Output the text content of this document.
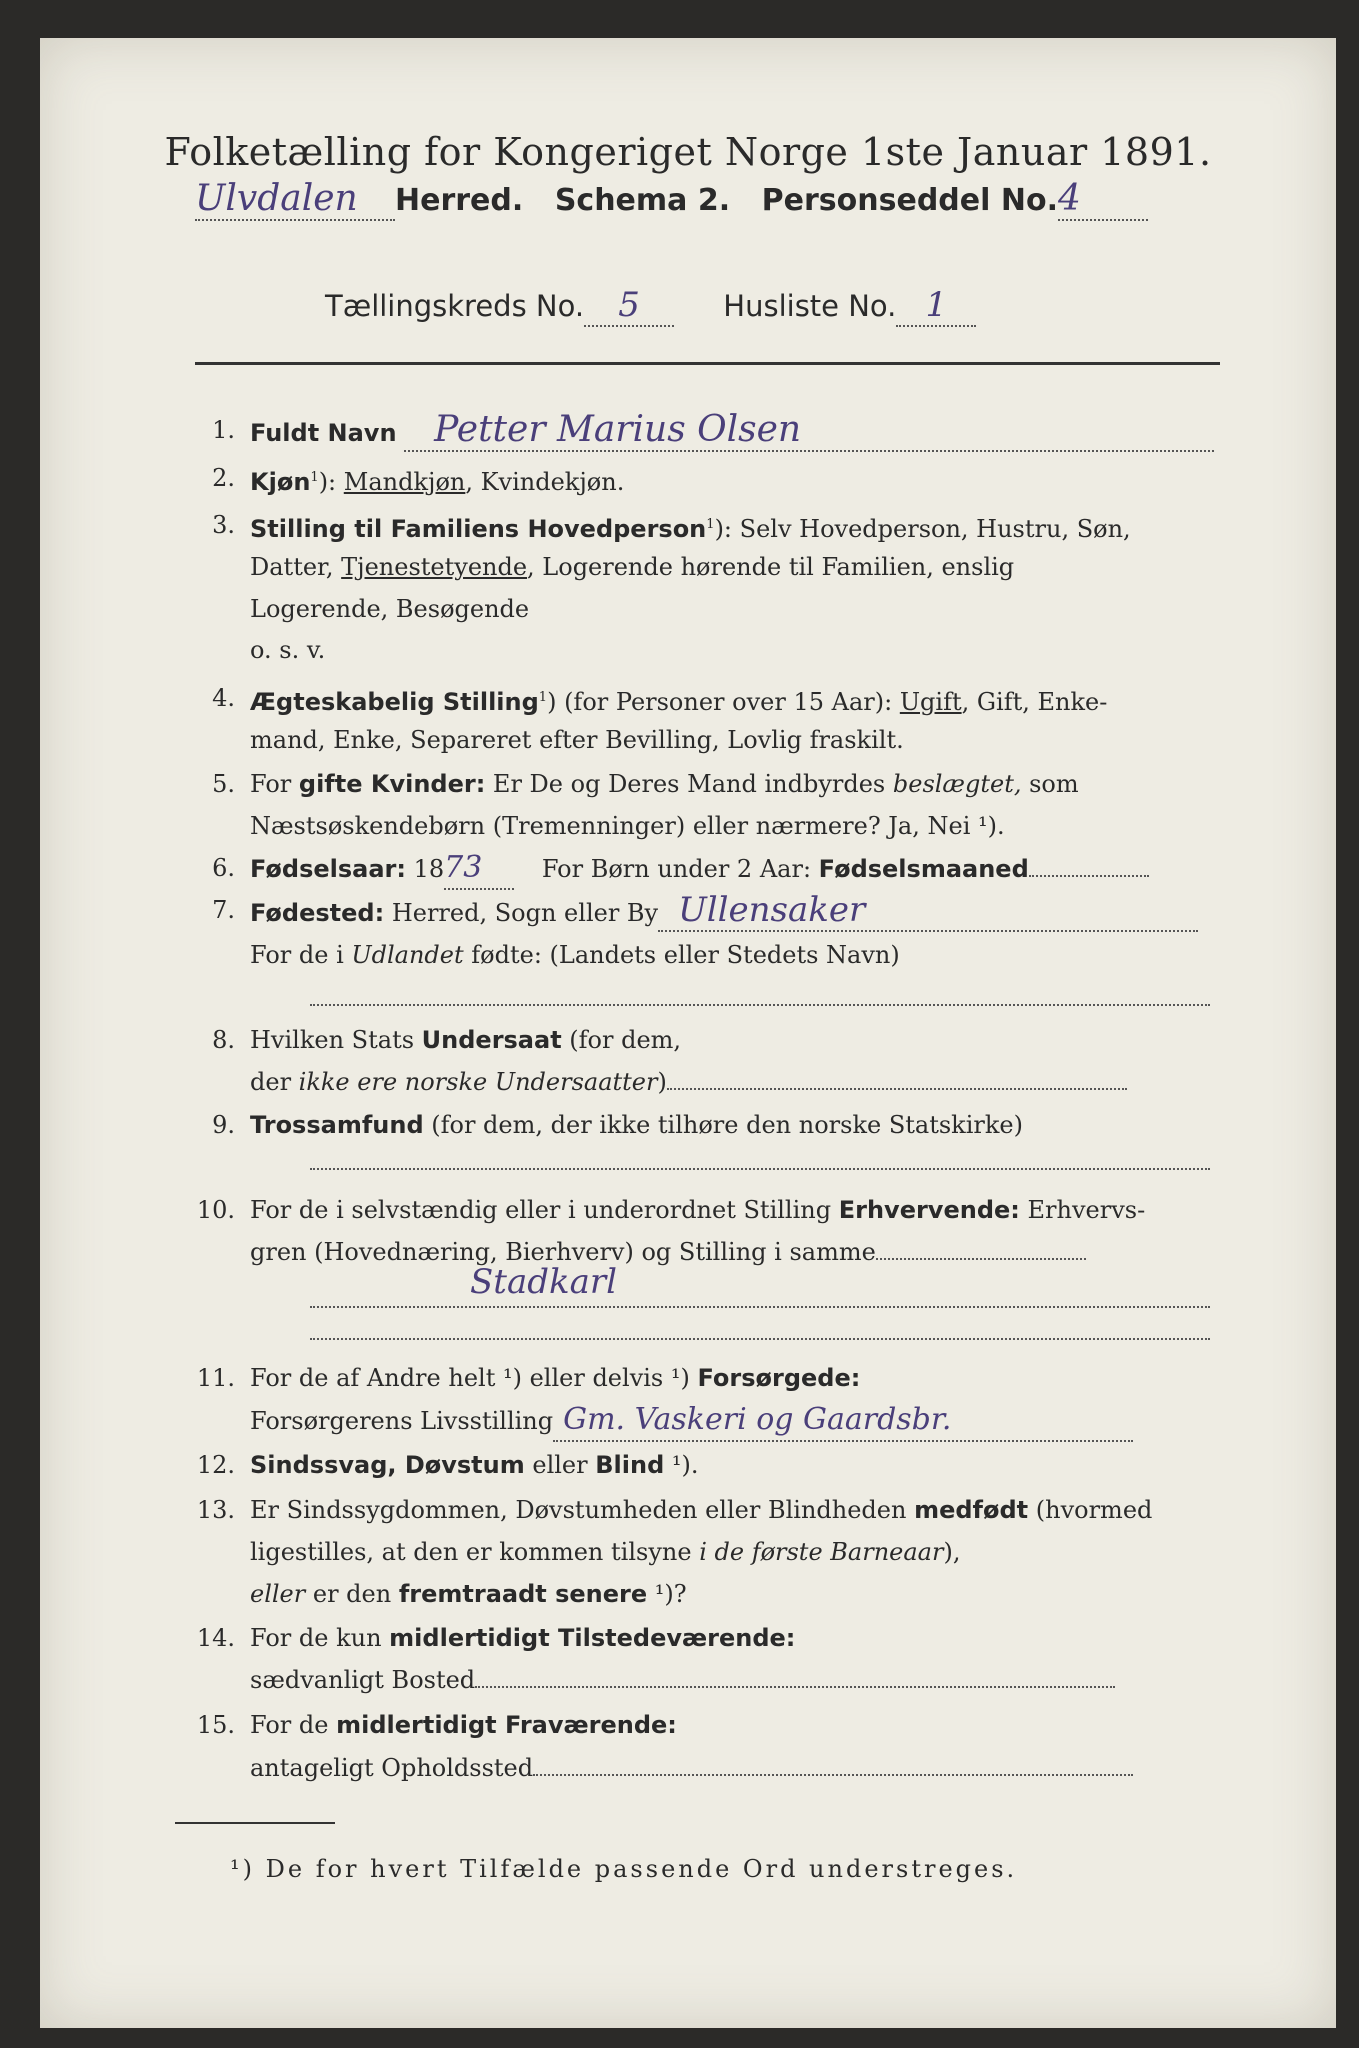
Folketælling for Kongeriget Norge 1ste Januar 1891.
Ulvdalen Herred. Schema 2. Personseddel No.4
Tællingskreds No. 5	Husliste No. 1
1. Fuldt Navn Petter Marius Olsen
2. Kjøn$^1$): Mandkjøn, Kvindekjøn.
3. Stilling til Familiens Hovedperson$^1$): Selv Hovedperson, Hustru, Søn,
Datter, Tjenestetyende, Logerende hørende til Familien, enslig
Logerende, Besøgende
o. s. v.
4. Ægteskabelig Stilling$^1$) (for Personer over 15 Aar): Ugift, Gift, Enke-
mand, Enke, Separeret efter Bevilling, Lovlig fraskilt.
5. For gifte Kvinder: Er De og Deres Mand indbyrdes beslægtet, som
Næstsøskendebørn (Tremenninger) eller nærmere? Ja, Nei ¹).
6. Fødselsaar: 1873 For Børn under 2 Aar: Fødselsmaaned
7. Fødested: Herred, Sogn eller By Ullensaker
For de i Udlandet fødte: (Landets eller Stedets Navn)
8. Hvilken Stats Undersaat (for dem,
der ikke ere norske Undersaatter)
9. Trossamfund (for dem, der ikke tilhøre den norske Statskirke)
10. For de i selvstændig eller i underordnet Stilling Erhvervende: Erhvervs-
gren (Hovednæring, Bierhverv) og Stilling i samme
Stadkarl
11. For de af Andre helt ¹) eller delvis ¹) Forsørgede:
Forsørgerens Livsstilling Gm. Vaskeri og Gaardsbr.
12. Sindssvag, Døvstum eller Blind ¹).
13. Er Sindssygdommen, Døvstumheden eller Blindheden medfødt (hvormed
ligestilles, at den er kommen tilsyne i de første Barneaar),
eller er den fremtraadt senere ¹)?
14. For de kun midlertidigt Tilstedeværende:
sædvanligt Bosted
15. For de midlertidigt Fraværende:
antageligt Opholdssted
¹) De for hvert Tilfælde passende Ord understreges.
